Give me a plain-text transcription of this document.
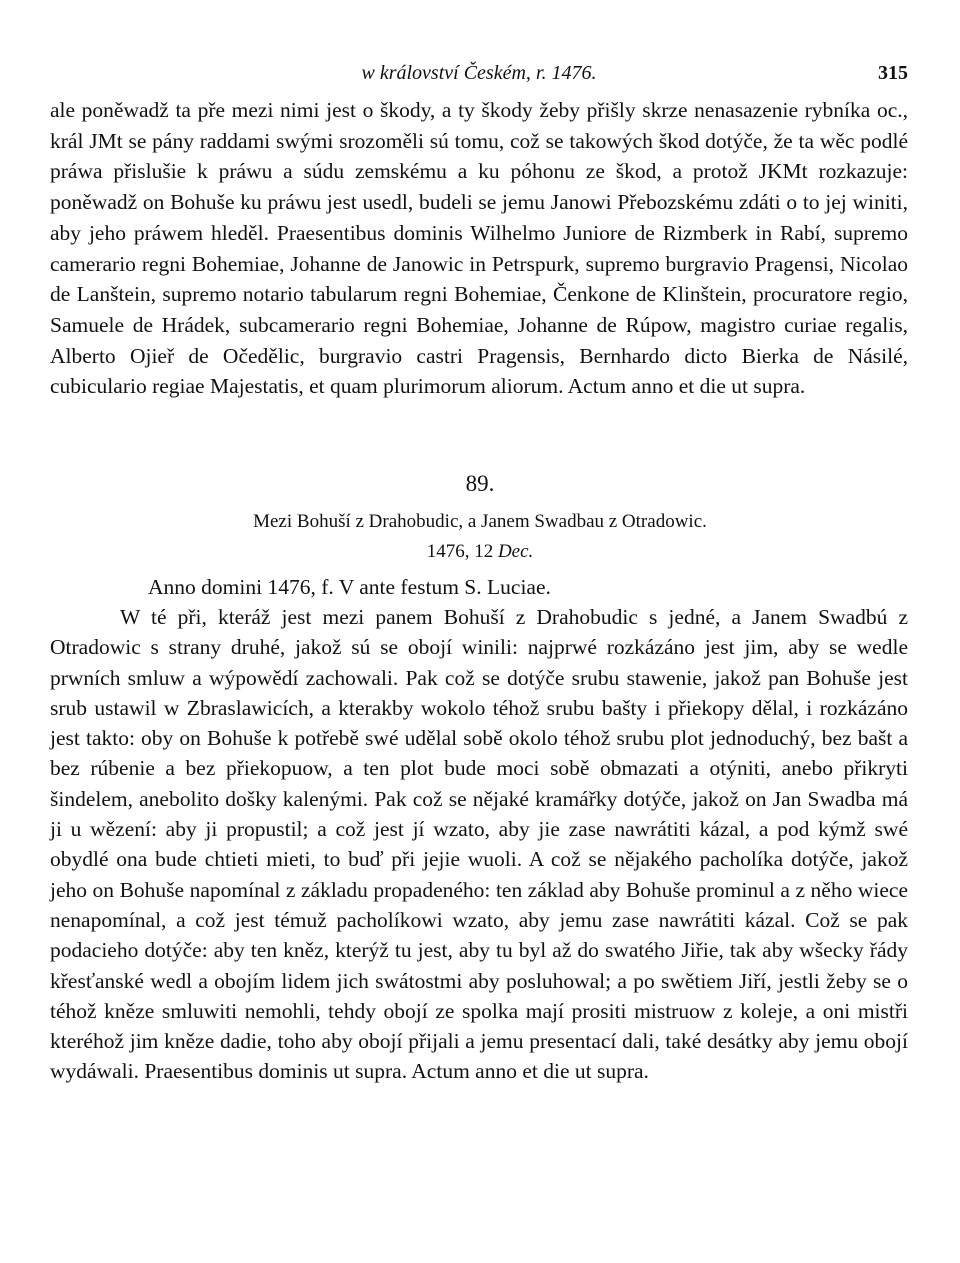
w království Českém, r. 1476.	315

ale poněwadž ta pře mezi nimi jest o škody, a ty škody žeby přišly skrze nenasazenie rybníka oc., král JMt se pány raddami swými srozoměli sú tomu, což se takowých škod dotýče, že ta wěc podlé práwa přislušie k práwu a súdu zemskému a ku póhonu ze škod, a protož JKMt rozkazuje: poněwadž on Bohuše ku práwu jest usedl, budeli se jemu Janowi Přebozskému zdáti o to jej winiti, aby jeho práwem hleděl. Praesentibus dominis Wilhelmo Juniore de Rizmberk in Rabí, supremo camerario regni Bohemiae, Johanne de Janowic in Petrspurk, supremo burgravio Pragensi, Nicolao de Lanštein, supremo notario tabularum regni Bohemiae, Čenkone de Klinštein, procuratore regio, Samuele de Hrádek, subcamerario regni Bohemiae, Johanne de Rúpow, magistro curiae regalis, Alberto Ojieř de Očedělic, burgravio castri Pragensis, Bernhardo dicto Bierka de Násilé, cubiculario regiae Majestatis, et quam plurimorum aliorum. Actum anno et die ut supra.

89.
Mezi Bohuší z Drahobudic, a Janem Swadbau z Otradowic.
1476, 12 Dec.
Anno domini 1476, f. V ante festum S. Luciae.

W té při, kteráž jest mezi panem Bohuší z Drahobudic s jedné, a Janem Swadbú z Otradowic s strany druhé, jakož sú se obojí winili: najprwé rozkázáno jest jim, aby se wedle prwních smluw a wýpowědí zachowali. Pak což se dotýče srubu stawenie, jakož pan Bohuše jest srub ustawil w Zbraslawicích, a kterakby wokolo téhož srubu bašty i přiekopy dělal, i rozkázáno jest takto: oby on Bohuše k potřebě swé udělal sobě okolo téhož srubu plot jednoduchý, bez bašt a bez rúbenie a bez přiekopuow, a ten plot bude moci sobě obmazati a otýniti, anebo přikryti šindelem, anebolito došky kalenými. Pak což se nějaké kramářky dotýče, jakož on Jan Swadba má ji u wězení: aby ji propustil; a což jest jí wzato, aby jie zase nawrátiti kázal, a pod kýmž swé obydlé ona bude chtieti mieti, to buď při jejie wuoli. A což se nějakého pacholíka dotýče, jakož jeho on Bohuše napomínal z základu propadeného: ten základ aby Bohuše prominul a z něho wiece nenapomínal, a což jest témuž pacholíkowi wzato, aby jemu zase nawrátiti kázal. Což se pak podacieho dotýče: aby ten kněz, kterýž tu jest, aby tu byl až do swatého Jiřie, tak aby wšecky řády křesťanské wedl a obojím lidem jich swátostmi aby posluhowal; a po swětiem Jiří, jestli žeby se o téhož kněze smluwiti nemohli, tehdy obojí ze spolka mají prositi mistruow z koleje, a oni mistři kteréhož jim kněze dadie, toho aby obojí přijali a jemu presentací dali, také desátky aby jemu obojí wydáwali. Praesentibus dominis ut supra. Actum anno et die ut supra.
